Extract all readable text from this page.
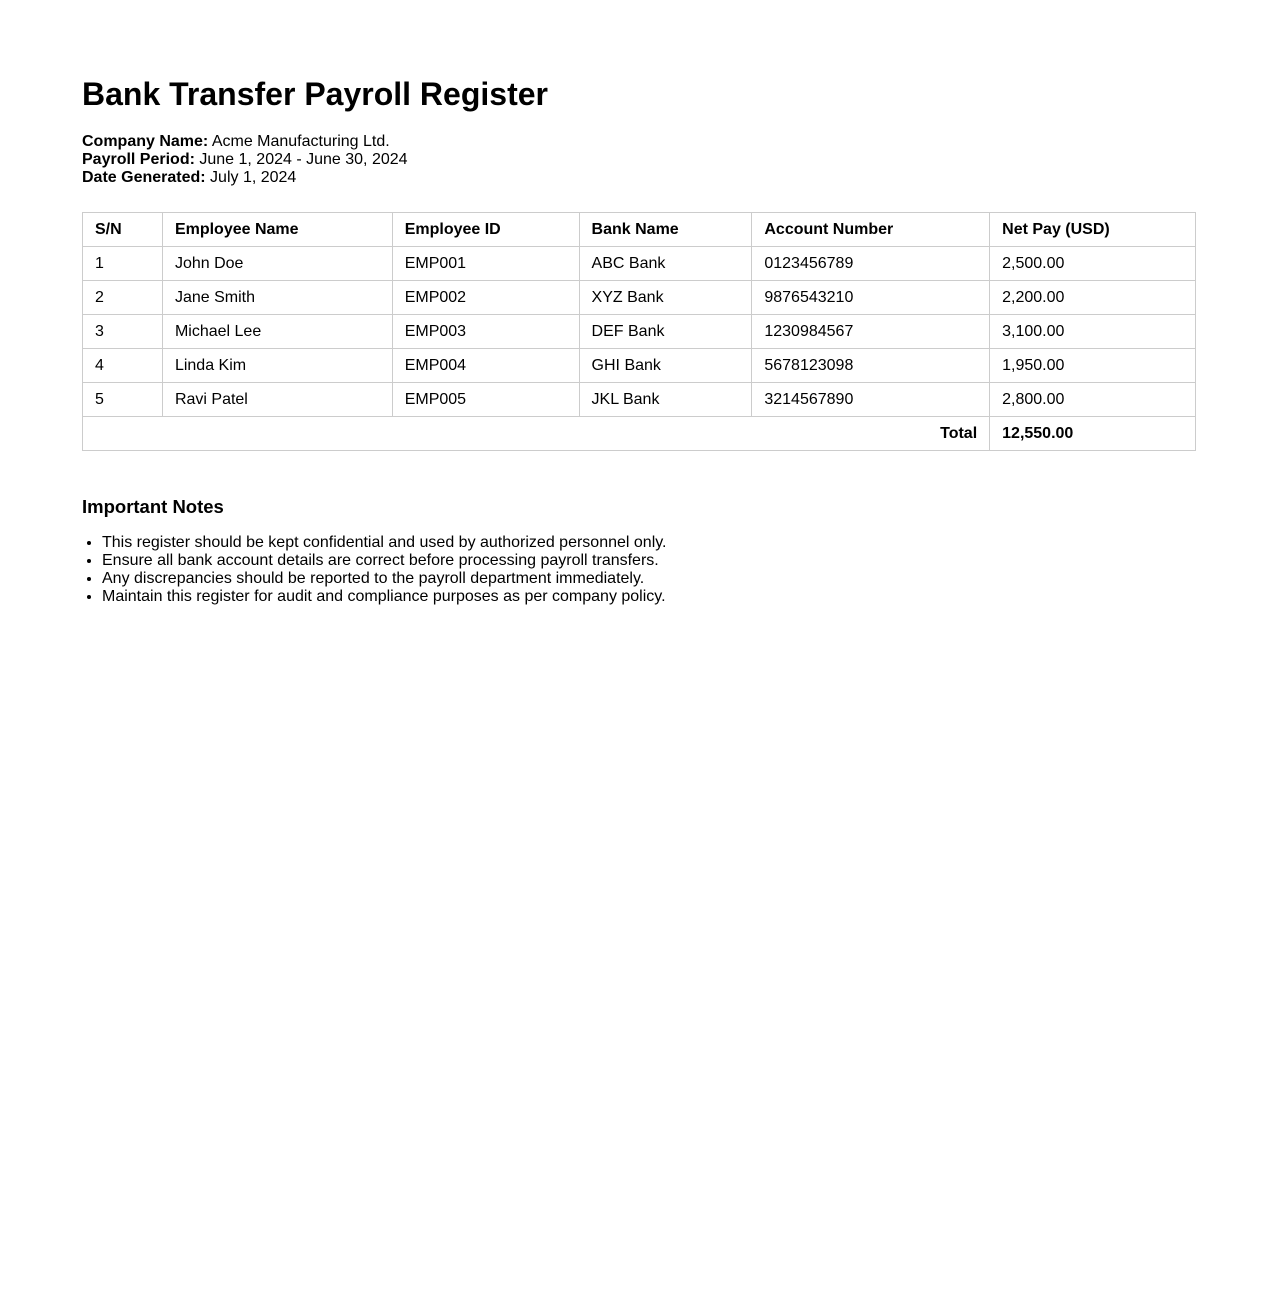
Bank Transfer Payroll Register
Company Name: Acme Manufacturing Ltd.
Payroll Period: June 1, 2024 - June 30, 2024
Date Generated: July 1, 2024
S/N	Employee Name	Employee ID	Bank Name	Account Number	Net Pay (USD)
1	John Doe	EMP001	ABC Bank	0123456789	2,500.00
2	Jane Smith	EMP002	XYZ Bank	9876543210	2,200.00
3	Michael Lee	EMP003	DEF Bank	1230984567	3,100.00
4	Linda Kim	EMP004	GHI Bank	5678123098	1,950.00
5	Ravi Patel	EMP005	JKL Bank	3214567890	2,800.00
Total					12,550.00
Important Notes
• This register should be kept confidential and used by authorized personnel only.
• Ensure all bank account details are correct before processing payroll transfers.
• Any discrepancies should be reported to the payroll department immediately.
• Maintain this register for audit and compliance purposes as per company policy.
